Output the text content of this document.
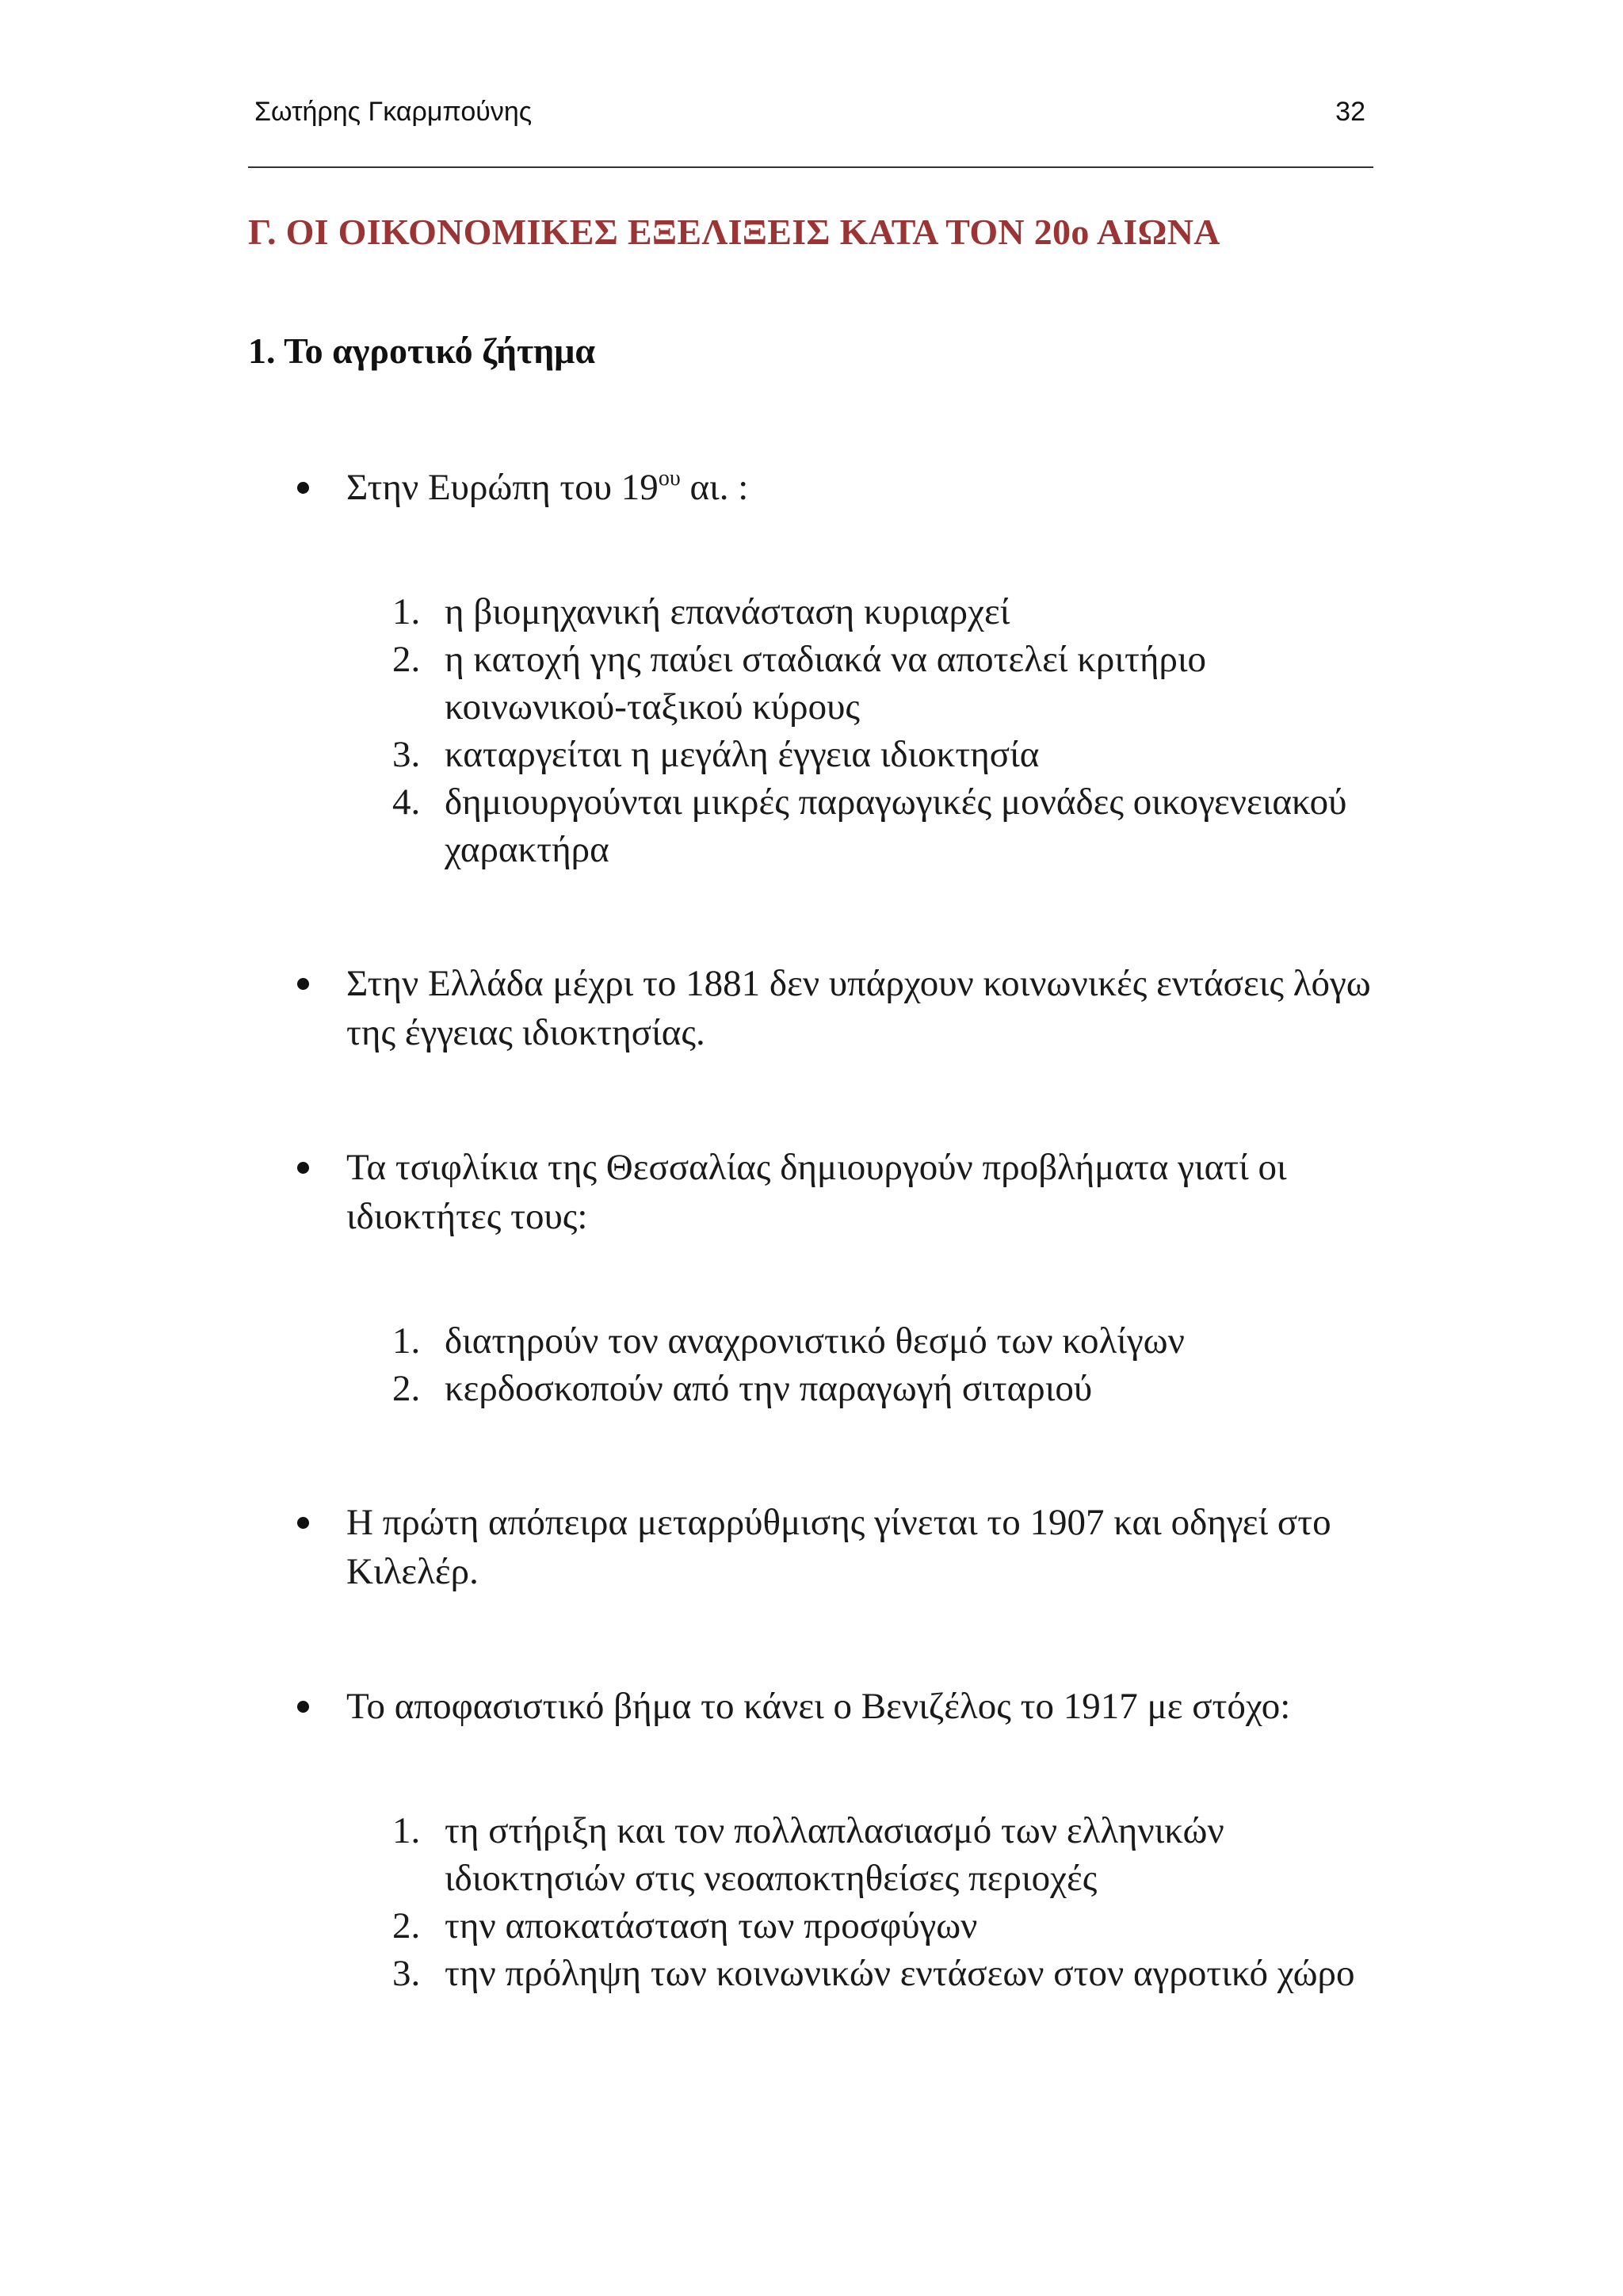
Σωτήρης Γκαρμπούνης	32
Γ. ΟΙ ΟΙΚΟΝΟΜΙΚΕΣ ΕΞΕΛΙΞΕΙΣ ΚΑΤΑ ΤΟΝ 20ο ΑΙΩΝΑ
1. Το αγροτικό ζήτημα
Στην Ευρώπη του $19^{o\upsilon}$ αι. :
1. η βιομηχανική επανάσταση κυριαρχεί
2. η κατοχή γης παύει σταδιακά να αποτελεί κριτήριο κοινωνικού-ταξικού κύρους
3. καταργείται η μεγάλη έγγεια ιδιοκτησία
4. δημιουργούνται μικρές παραγωγικές μονάδες οικογενειακού χαρακτήρα
Στην Ελλάδα μέχρι το 1881 δεν υπάρχουν κοινωνικές εντάσεις λόγω της έγγειας ιδιοκτησίας.
Τα τσιφλίκια της Θεσσαλίας δημιουργούν προβλήματα γιατί οι ιδιοκτήτες τους:
1. διατηρούν τον αναχρονιστικό θεσμό των κολίγων
2. κερδοσκοπούν από την παραγωγή σιταριού
Η πρώτη απόπειρα μεταρρύθμισης γίνεται το 1907 και οδηγεί στο Κιλελέρ.
Το αποφασιστικό βήμα το κάνει ο Βενιζέλος το 1917 με στόχο:
1. τη στήριξη και τον πολλαπλασιασμό των ελληνικών ιδιοκτησιών στις νεοαποκτηθείσες περιοχές
2. την αποκατάσταση των προσφύγων
3. την πρόληψη των κοινωνικών εντάσεων στον αγροτικό χώρο
